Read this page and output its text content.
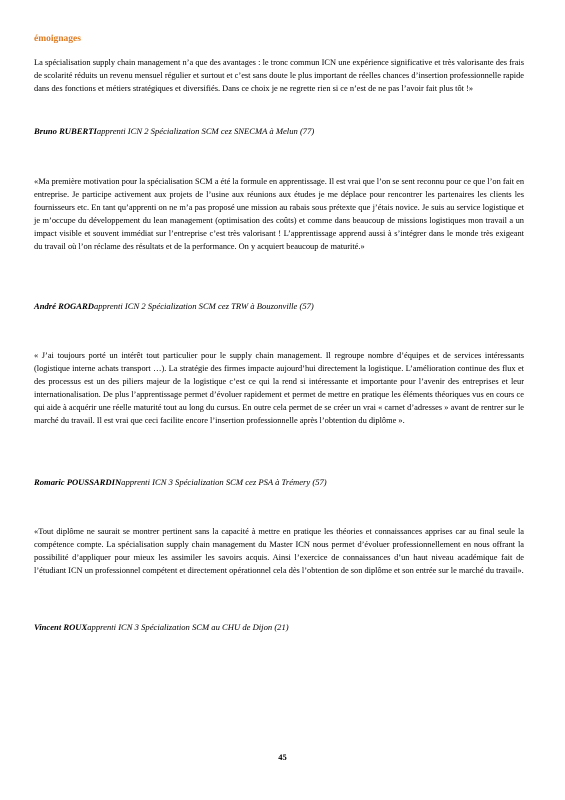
émoignages
La spécialisation supply chain management n’a que des avantages : le tronc commun ICN une expérience significative et très valorisante des frais de scolarité réduits un revenu mensuel régulier et surtout et c’est sans doute le plus important de réelles chances d’insertion professionnelle rapide dans des fonctions et métiers stratégiques et diversifiés. Dans ce choix je ne regrette rien si ce n’est de ne pas l’avoir fait plus tôt !»
Bruno RUBERTIapprenti ICN 2 Spécialization SCM cez SNECMA à Melun (77)
«Ma première motivation pour la spécialisation SCM a été la formule en apprentissage. Il est vrai que l’on se sent reconnu pour ce que l’on fait en entreprise. Je participe activement aux projets de l’usine aux réunions aux études je me déplace pour rencontrer les partenaires les clients les fournisseurs etc. En tant qu’apprenti on ne m’a pas proposé une mission au rabais sous prétexte que j’étais novice. Je suis au service logistique et je m’occupe du développement du lean management (optimisation des coûts) et comme dans beaucoup de missions logistiques mon travail a un impact visible et souvent immédiat sur l’entreprise c’est très valorisant ! L’apprentissage apprend aussi à s’intégrer dans le monde très exigeant du travail où l’on réclame des résultats et de la performance. On y acquiert beaucoup de maturité.»
André ROGARDapprenti ICN 2 Spécialization SCM cez TRW à Bouzonville (57)
« J’ai toujours porté un intérêt tout particulier pour le supply chain management. Il regroupe nombre d’équipes et de services intéressants (logistique interne achats transport …). La stratégie des firmes impacte aujourd’hui directement la logistique. L’amélioration continue des flux et des processus est un des piliers majeur de la logistique c’est ce qui la rend si intéressante et importante pour l’avenir des entreprises et leur internationalisation. De plus l’apprentissage permet d’évoluer rapidement et permet de mettre en pratique les éléments théoriques vus en cours ce qui aide à acquérir une réelle maturité tout au long du cursus. En outre cela permet de se créer un vrai « carnet d’adresses » avant de rentrer sur le marché du travail. Il est vrai que ceci facilite encore l’insertion professionnelle après l’obtention du diplôme ».
Romaric POUSSARDINapprenti ICN 3 Spécialization SCM cez PSA à Trémery (57)
«Tout diplôme ne saurait se montrer pertinent sans la capacité à mettre en pratique les théories et connaissances apprises car au final seule la compétence compte. La spécialisation supply chain management du Master ICN nous permet d’évoluer professionnellement en nous offrant la possibilité d’appliquer pour mieux les assimiler les savoirs acquis. Ainsi l’exercice de connaissances d’un haut niveau académique fait de l’étudiant ICN un professionnel compétent et directement opérationnel cela dès l’obtention de son diplôme et son entrée sur le marché du travail».
Vincent ROUXapprenti ICN 3 Spécialization SCM au CHU de Dijon (21)
45
